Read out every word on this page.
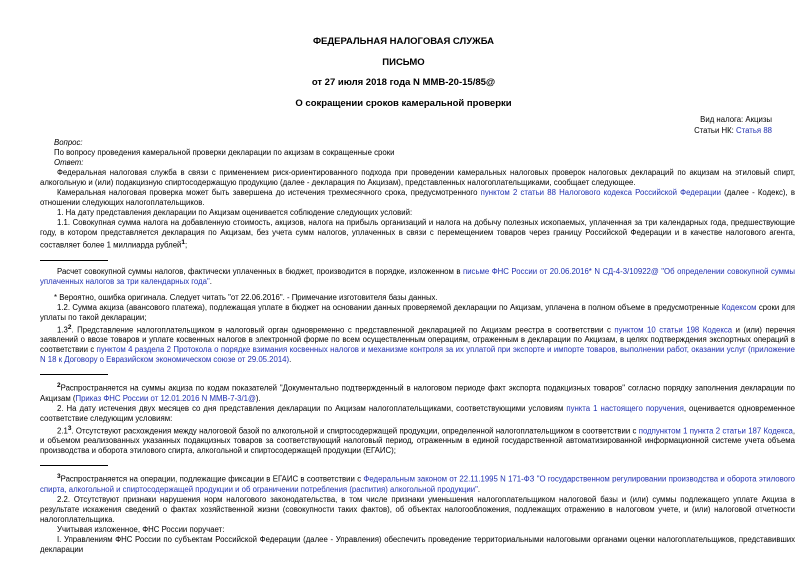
ФЕДЕРАЛЬНАЯ НАЛОГОВАЯ СЛУЖБА
ПИСЬМО
от 27 июля 2018 года N ММВ-20-15/85@
О сокращении сроков камеральной проверки
Вид налога: Акцизы
Статьи НК: Статья 88
Вопрос:
По вопросу проведения камеральной проверки декларации по акцизам в сокращенные сроки
Ответ:

Федеральная налоговая служба в связи с применением риск-ориентированного подхода при проведении камеральных налоговых проверок налоговых деклараций по акцизам на этиловый спирт, алкогольную и (или) подакцизную спиртосодержащую продукцию (далее - декларация по Акцизам), представленных налогоплательщиками, сообщает следующее.

Камеральная налоговая проверка может быть завершена до истечения трехмесячного срока, предусмотренного пунктом 2 статьи 88 Налогового кодекса Российской Федерации (далее - Кодекс), в отношении следующих налогоплательщиков.

1. На дату представления декларации по Акцизам оценивается соблюдение следующих условий:

1.1. Совокупная сумма налога на добавленную стоимость, акцизов, налога на прибыль организаций и налога на добычу полезных ископаемых, уплаченная за три календарных года, предшествующие году, в котором представляется декларация по Акцизам, без учета сумм налогов, уплаченных в связи с перемещением товаров через границу Российской Федерации и в качестве налогового агента, составляет более 1 миллиарда рублей$^1$;

Расчет совокупной суммы налогов, фактически уплаченных в бюджет, производится в порядке, изложенном в письме ФНС России от 20.06.2016* N СД-4-3/10922@ "Об определении совокупной суммы уплаченных налогов за три календарных года".

* Вероятно, ошибка оригинала. Следует читать "от 22.06.2016". - Примечание изготовителя базы данных.

1.2. Сумма акциза (авансового платежа), подлежащая уплате в бюджет на основании данных проверяемой декларации по Акцизам, уплачена в полном объеме в предусмотренные Кодексом сроки для уплаты по такой декларации;

$1.3^2$. Представление налогоплательщиком в налоговый орган одновременно с представленной декларацией по Акцизам реестра в соответствии с пунктом 10 статьи 198 Кодекса и (или) перечня заявлений о ввозе товаров и уплате косвенных налогов в электронной форме по всем осуществленным операциям, отраженным в декларации по Акцизам, в целях подтверждения экспортных операций в соответствии с пунктом 4 раздела 2 Протокола о порядке взимания косвенных налогов и механизме контроля за их уплатой при экспорте и импорте товаров, выполнении работ, оказании услуг (приложение N 18 к Договору о Евразийском экономическом союзе от 29.05.2014).

$^2$Распространяется на суммы акциза по кодам показателей "Документально подтвержденный в налоговом периоде факт экспорта подакцизных товаров" согласно порядку заполнения декларации по Акцизам (Приказ ФНС России от 12.01.2016 N ММВ-7-3/1@).

2. На дату истечения двух месяцев со дня представления декларации по Акцизам налогоплательщиками, соответствующими условиям пункта 1 настоящего поручения, оценивается одновременное соответствие следующим условиям:

$2.1^3$. Отсутствуют расхождения между налоговой базой по алкогольной и спиртосодержащей продукции, определенной налогоплательщиком в соответствии с подпунктом 1 пункта 2 статьи 187 Кодекса, и объемом реализованных указанных подакцизных товаров за соответствующий налоговый период, отраженным в единой государственной автоматизированной информационной системе учета объема производства и оборота этилового спирта, алкогольной и спиртосодержащей продукции (ЕГАИС);

$^3$Распространяется на операции, подлежащие фиксации в ЕГАИС в соответствии с Федеральным законом от 22.11.1995 N 171-ФЗ "О государственном регулировании производства и оборота этилового спирта, алкогольной и спиртосодержащей продукции и об ограничении потребления (распития) алкогольной продукции".

2.2. Отсутствуют признаки нарушения норм налогового законодательства, в том числе признаки уменьшения налогоплательщиком налоговой базы и (или) суммы подлежащего уплате Акциза в результате искажения сведений о фактах хозяйственной жизни (совокупности таких фактов), об объектах налогообложения, подлежащих отражению в налоговом учете, и (или) налоговой отчетности налогоплательщика.

Учитывая изложенное, ФНС России поручает:

I. Управлениям ФНС России по субъектам Российской Федерации (далее - Управления) обеспечить проведение территориальными налоговыми органами оценки налогоплательщиков, представивших декларации
